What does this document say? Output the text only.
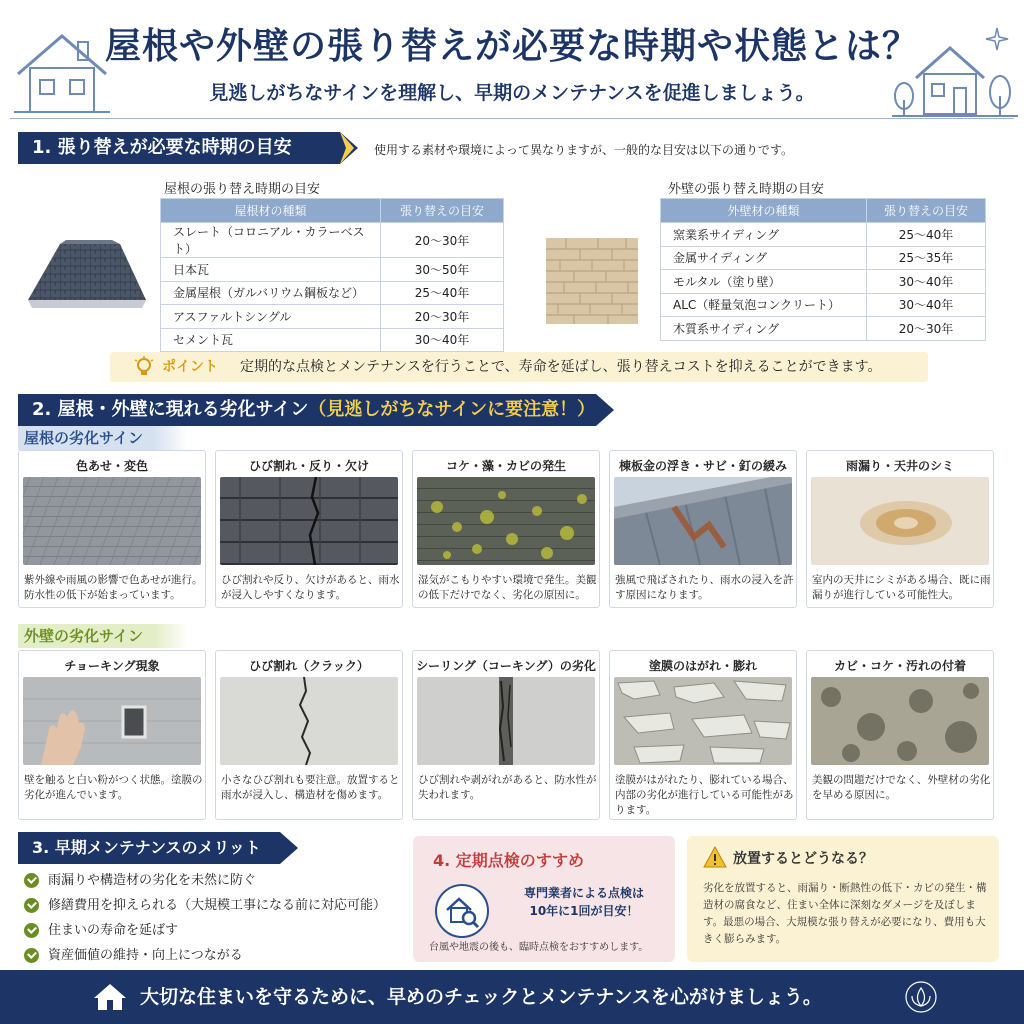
屋根や外壁の張り替えが必要な時期や状態とは？
見逃しがちなサインを理解し、早期のメンテナンスを促進しましょう。
1. 張り替えが必要な時期の目安	使用する素材や環境によって異なりますが、一般的な目安は以下の通りです。
屋根の張り替え時期の目安
屋根材の種類	張り替えの目安
スレート（コロニアル・カラーベスト）	20〜30年
日本瓦	30〜50年
金属屋根（ガルバリウム鋼板など）	25〜40年
アスファルトシングル	20〜30年
セメント瓦	30〜40年
外壁の張り替え時期の目安
外壁材の種類	張り替えの目安
窯業系サイディング	25〜40年
金属サイディング	25〜35年
モルタル（塗り壁）	30〜40年
ALC（軽量気泡コンクリート）	30〜40年
木質系サイディング	20〜30年
ポイント 定期的な点検とメンテナンスを行うことで、寿命を延ばし、張り替えコストを抑えることができます。
2. 屋根・外壁に現れる劣化サイン（見逃しがちなサインに要注意！）
屋根の劣化サイン
色あせ・変色
紫外線や雨風の影響で色あせが進行。防水性の低下が始まっています。
ひび割れ・反り・欠け
ひび割れや反り、欠けがあると、雨水が浸入しやすくなります。
コケ・藻・カビの発生
湿気がこもりやすい環境で発生。美観の低下だけでなく、劣化の原因に。
棟板金の浮き・サビ・釘の緩み
強風で飛ばされたり、雨水の浸入を許す原因になります。
雨漏り・天井のシミ
室内の天井にシミがある場合、既に雨漏りが進行している可能性大。
外壁の劣化サイン
チョーキング現象
壁を触ると白い粉がつく状態。塗膜の劣化が進んでいます。
ひび割れ（クラック）
小さなひび割れも要注意。放置すると雨水が浸入し、構造材を傷めます。
シーリング（コーキング）の劣化
ひび割れや剥がれがあると、防水性が失われます。
塗膜のはがれ・膨れ
塗膜がはがれたり、膨れている場合、内部の劣化が進行している可能性があります。
カビ・コケ・汚れの付着
美観の問題だけでなく、外壁材の劣化を早める原因に。
3. 早期メンテナンスのメリット
雨漏りや構造材の劣化を未然に防ぐ
修繕費用を抑えられる（大規模工事になる前に対応可能）
住まいの寿命を延ばす
資産価値の維持・向上につながる
4. 定期点検のすすめ
専門業者による点検は
10年に1回が目安！
台風や地震の後も、臨時点検をおすすめします。
放置するとどうなる？
劣化を放置すると、雨漏り・断熱性の低下・カビの発生・構造材の腐食など、住まい全体に深刻なダメージを及ぼします。最悪の場合、大規模な張り替えが必要になり、費用も大きく膨らみます。
大切な住まいを守るために、早めのチェックとメンテナンスを心がけましょう。
